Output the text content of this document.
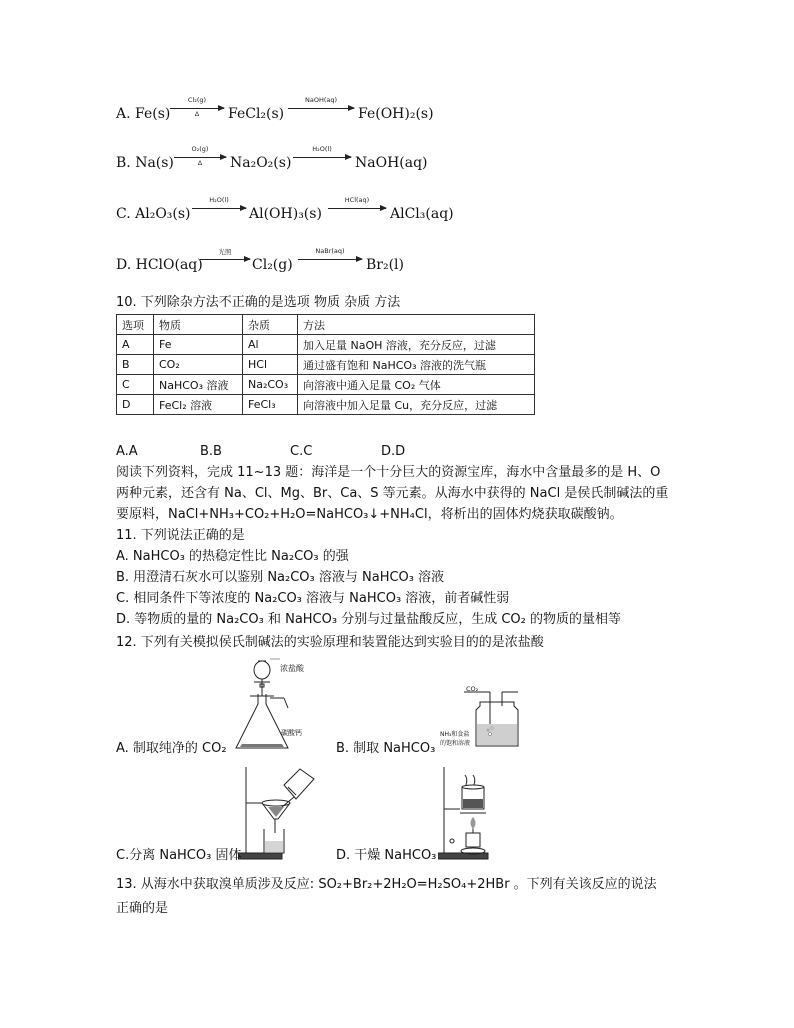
A. Fe(s)
Cl₂(g)
Δ	FeCl₂(s)
NaOH(aq)
Fe(OH)₂(s)
B. Na(s)
O₂(g)
Δ	Na₂O₂(s)
H₂O(l)
→ NaOH(aq)
C. Al₂O₃(s)
H₂O(l)
→ Al(OH)₃(s)
HCl(aq)
→ AlCl₃(aq)
D. HClO(aq)
光照
→ Cl₂(g)
NaBr(aq)
→ Br₂(l)
10. 下列除杂方法不正确的是选项 物质 杂质 方法
选项	物质	杂质	方法
A	Fe	Al	加入足量 NaOH 溶液，充分反应，过滤
B	CO₂	HCl	通过盛有饱和 NaHCO₃ 溶液的洗气瓶
C	NaHCO₃ 溶液	Na₂CO₃	向溶液中通入足量 CO₂ 气体
D	FeCl₂ 溶液	FeCl₃	向溶液中加入足量 Cu，充分反应，过滤
A.A	B.B	C.C	D.D
阅读下列资料，完成 11~13 题：海洋是一个十分巨大的资源宝库，海水中含量最多的是 H、O
两种元素，还含有 Na、Cl、Mg、Br、Ca、S 等元素。从海水中获得的 NaCl 是侯氏制碱法的重
要原料，NaCl+NH₃+CO₂+H₂O=NaHCO₃↓+NH₄Cl，将析出的固体灼烧获取碳酸钠。
11. 下列说法正确的是
A. NaHCO₃ 的热稳定性比 Na₂CO₃ 的强
B. 用澄清石灰水可以鉴别 Na₂CO₃ 溶液与 NaHCO₃ 溶液
C. 相同条件下等浓度的 Na₂CO₃ 溶液与 NaHCO₃ 溶液，前者碱性弱
D. 等物质的量的 Na₂CO₃ 和 NaHCO₃ 分别与过量盐酸反应，生成 CO₂ 的物质的量相等
12. 下列有关模拟侯氏制碱法的实验原理和装置能达到实验目的的是浓盐酸
浓盐酸
碳酸钙
A. 制取纯净的 CO₂
CO₂
NH₃和食盐
的饱和溶液
B. 制取 NaHCO₃
C.分离 NaHCO₃ 固体	D. 干燥 NaHCO₃
13. 从海水中获取溴单质涉及反应: SO₂+Br₂+2H₂O=H₂SO₄+2HBr 。下列有关该反应的说法
正确的是
